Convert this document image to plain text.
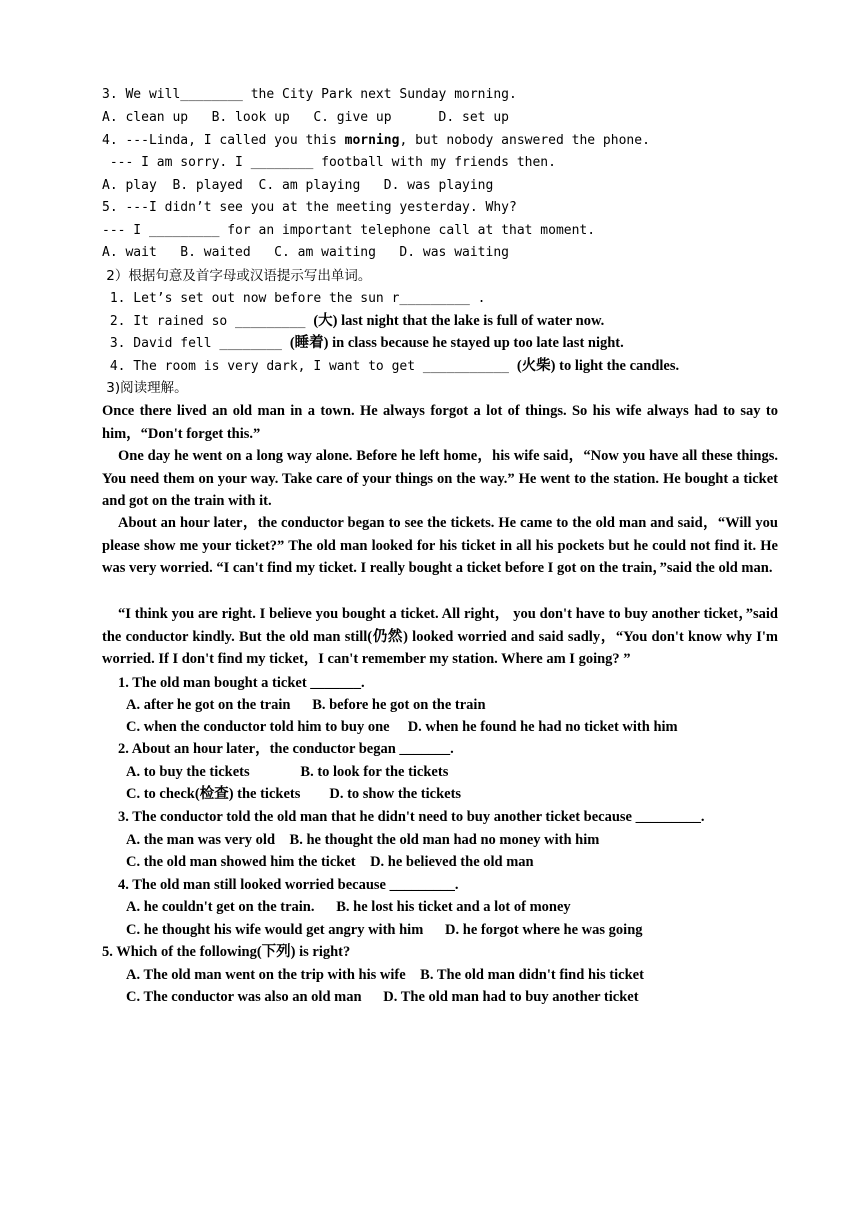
3. We will________ the City Park next Sunday morning.
A. clean up   B. look up   C. give up      D. set up
4. ---Linda, I called you this morning, but nobody answered the phone.
--- I am sorry. I ________ football with my friends then.
A. play  B. played  C. am playing   D. was playing
5. ---I didn’t see you at the meeting yesterday. Why?
--- I _________ for an important telephone call at that moment.
A. wait   B. waited   C. am waiting   D. was waiting
2）根据句意及首字母或汉语提示写出单词。
1. Let’s set out now before the sun r_________ .
2. It rained so _________ (大) last night that the lake is full of water now.
3. David fell ________ (睡着) in class because he stayed up too late last night.
4. The room is very dark, I want to get ___________ (火柴) to light the candles.
3)阅读理解。
Once there lived an old man in a town. He always forgot a lot of things. So his wife always had to say to him，“Don't forget this.”
One day he went on a long way alone. Before he left home，his wife said，“Now you have all these things. You need them on your way. Take care of your things on the way.” He went to the station. He bought a ticket and got on the train with it.
About an hour later，the conductor began to see the tickets. He came to the old man and said，“Will you please show me your ticket?” The old man looked for his ticket in all his pockets but he could not find it. He was very worried. “I can't find my ticket. I really bought a ticket before I got on the train，”said the old man.
“I think you are right. I believe you bought a ticket. All right， you don't have to buy another ticket，”said the conductor kindly. But the old man still(仍然) looked worried and said sadly，“You don't know why I'm worried. If I don't find my ticket，I can't remember my station. Where am I going? ”
1. The old man bought a ticket _______.
A. after he got on the train      B. before he got on the train
C. when the conductor told him to buy one     D. when he found he had no ticket with him
2. About an hour later，the conductor began _______.
A. to buy the tickets              B. to look for the tickets
C. to check(检查) the tickets        D. to show the tickets
3. The conductor told the old man that he didn't need to buy another ticket because _________.
A. the man was very old    B. he thought the old man had no money with him
C. the old man showed him the ticket    D. he believed the old man
4. The old man still looked worried because _________.
A. he couldn't get on the train.      B. he lost his ticket and a lot of money
C. he thought his wife would get angry with him      D. he forgot where he was going
5. Which of the following(下列) is right?
A. The old man went on the trip with his wife    B. The old man didn't find his ticket
C. The conductor was also an old man      D. The old man had to buy another ticket
